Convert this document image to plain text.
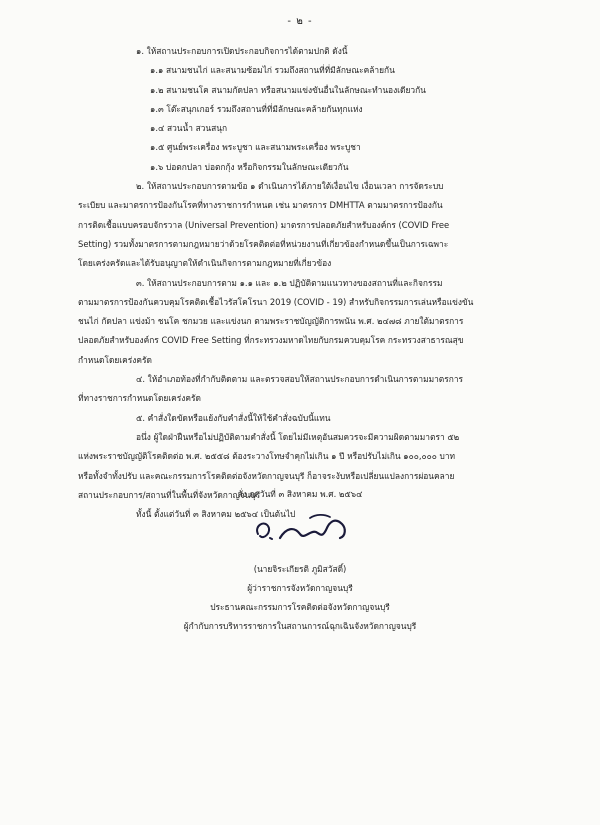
- ๒ -
๑. ให้สถานประกอบการเปิดประกอบกิจการได้ตามปกติ ดังนี้
๑.๑ สนามชนไก่ และสนามซ้อมไก่ รวมถึงสถานที่ที่มีลักษณะคล้ายกัน
๑.๒ สนามชนโค สนามกัดปลา หรือสนามแข่งขันอื่นในลักษณะทำนองเดียวกัน
๑.๓ โต๊ะสนุกเกอร์ รวมถึงสถานที่ที่มีลักษณะคล้ายกันทุกแห่ง
๑.๔ สวนน้ำ สวนสนุก
๑.๕ ศูนย์พระเครื่อง พระบูชา และสนามพระเครื่อง พระบูชา
๑.๖ บ่อตกปลา บ่อตกกุ้ง หรือกิจกรรมในลักษณะเดียวกัน
๒. ให้สถานประกอบการตามข้อ ๑ ดำเนินการได้ภายใต้เงื่อนไข เงื่อนเวลา การจัดระบบ
ระเบียบ และมาตรการป้องกันโรคที่ทางราชการกำหนด เช่น มาตรการ DMHTTA ตามมาตรการป้องกัน
การติดเชื้อแบบครอบจักรวาล (Universal Prevention) มาตรการปลอดภัยสำหรับองค์กร (COVID Free
Setting) รวมทั้งมาตรการตามกฎหมายว่าด้วยโรคติดต่อที่หน่วยงานที่เกี่ยวข้องกำหนดขึ้นเป็นการเฉพาะ
โดยเคร่งครัดและได้รับอนุญาตให้ดำเนินกิจการตามกฎหมายที่เกี่ยวข้อง
๓. ให้สถานประกอบการตาม ๑.๑ และ ๑.๒ ปฏิบัติตามแนวทางของสถานที่และกิจกรรม
ตามมาตรการป้องกันควบคุมโรคติดเชื้อไวรัสโคโรนา 2019 (COVID - 19) สำหรับกิจกรรมการเล่นหรือแข่งขัน
ชนไก่ กัดปลา แข่งม้า ชนโค ชกมวย และแข่งนก ตามพระราชบัญญัติการพนัน พ.ศ. ๒๔๗๘ ภายใต้มาตรการ
ปลอดภัยสำหรับองค์กร COVID Free Setting ที่กระทรวงมหาดไทยกับกรมควบคุมโรค กระทรวงสาธารณสุข
กำหนดโดยเคร่งครัด
๔. ให้อำเภอท้องที่กำกับติดตาม และตรวจสอบให้สถานประกอบการดำเนินการตามมาตรการ
ที่ทางราชการกำหนดโดยเคร่งครัด
๕. คำสั่งใดขัดหรือแย้งกับคำสั่งนี้ให้ใช้คำสั่งฉบับนี้แทน
อนึ่ง ผู้ใดฝ่าฝืนหรือไม่ปฏิบัติตามคำสั่งนี้ โดยไม่มีเหตุอันสมควรจะมีความผิดตามมาตรา ๕๒
แห่งพระราชบัญญัติโรคติดต่อ พ.ศ. ๒๕๕๘ ต้องระวางโทษจำคุกไม่เกิน ๑ ปี หรือปรับไม่เกิน ๑๐๐,๐๐๐ บาท
หรือทั้งจำทั้งปรับ และคณะกรรมการโรคติดต่อจังหวัดกาญจนบุรี ก็อาจระงับหรือเปลี่ยนแปลงการผ่อนคลาย
สถานประกอบการ/สถานที่ในพื้นที่จังหวัดกาญจนบุรี
ทั้งนี้ ตั้งแต่วันที่ ๓ สิงหาคม ๒๕๖๔ เป็นต้นไป
สั่ง ณ วันที่ ๓ สิงหาคม พ.ศ. ๒๕๖๔
(นายจิระเกียรติ ภูมิสวัสดิ์)
ผู้ว่าราชการจังหวัดกาญจนบุรี
ประธานคณะกรรมการโรคติดต่อจังหวัดกาญจนบุรี
ผู้กำกับการบริหารราชการในสถานการณ์ฉุกเฉินจังหวัดกาญจนบุรี
